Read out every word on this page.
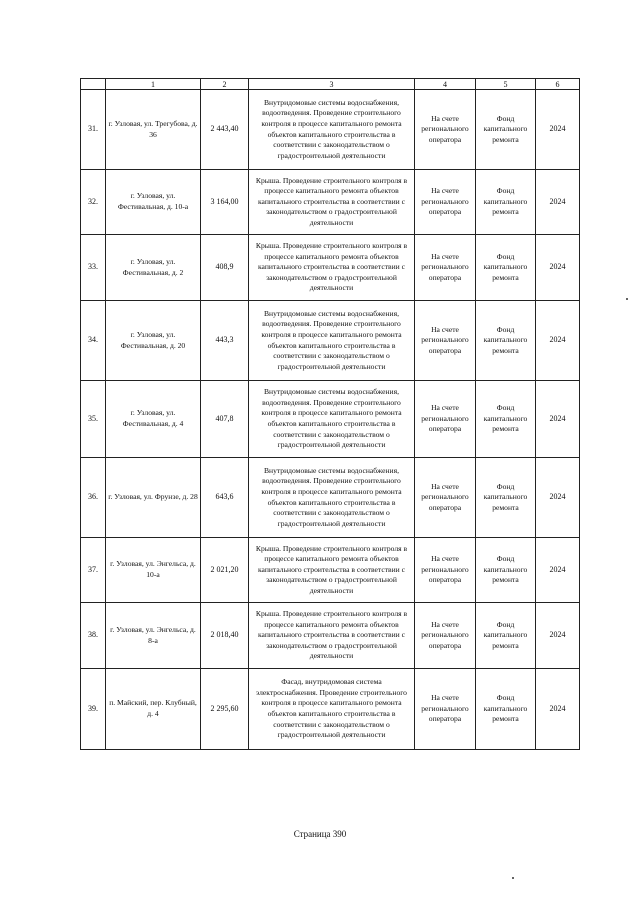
	1	2	3	4	5	6
31.	г. Узловая, ул. Трегубова, д. 36	2 443,40	Внутридомовые системы водоснабжения, водоотведения. Проведение строительного контроля в процессе капитального ремонта объектов капитального строительства в соответствии с законодательством о градостроительной деятельности	На счете регионального оператора	Фонд капитального ремонта	2024
32.	г. Узловая, ул. Фестивальная, д. 10-а	3 164,00	Крыша. Проведение строительного контроля в процессе капитального ремонта объектов капитального строительства в соответствии с законодательством о градостроительной деятельности	На счете регионального оператора	Фонд капитального ремонта	2024
33.	г. Узловая, ул. Фестивальная, д. 2	408,9	Крыша. Проведение строительного контроля в процессе капитального ремонта объектов капитального строительства в соответствии с законодательством о градостроительной деятельности	На счете регионального оператора	Фонд капитального ремонта	2024
34.	г. Узловая, ул. Фестивальная, д. 20	443,3	Внутридомовые системы водоснабжения, водоотведения. Проведение строительного контроля в процессе капитального ремонта объектов капитального строительства в соответствии с законодательством о градостроительной деятельности	На счете регионального оператора	Фонд капитального ремонта	2024
35.	г. Узловая, ул. Фестивальная, д. 4	407,8	Внутридомовые системы водоснабжения, водоотведения. Проведение строительного контроля в процессе капитального ремонта объектов капитального строительства в соответствии с законодательством о градостроительной деятельности	На счете регионального оператора	Фонд капитального ремонта	2024
36.	г. Узловая, ул. Фрунзе, д. 28	643,6	Внутридомовые системы водоснабжения, водоотведения. Проведение строительного контроля в процессе капитального ремонта объектов капитального строительства в соответствии с законодательством о градостроительной деятельности	На счете регионального оператора	Фонд капитального ремонта	2024
37.	г. Узловая, ул. Энгельса, д. 10-а	2 021,20	Крыша. Проведение строительного контроля в процессе капитального ремонта объектов капитального строительства в соответствии с законодательством о градостроительной деятельности	На счете регионального оператора	Фонд капитального ремонта	2024
38.	г. Узловая, ул. Энгельса, д. 8-а	2 018,40	Крыша. Проведение строительного контроля в процессе капитального ремонта объектов капитального строительства в соответствии с законодательством о градостроительной деятельности	На счете регионального оператора	Фонд капитального ремонта	2024
39.	п. Майский, пер. Клубный, д. 4	2 295,60	Фасад, внутридомовая система электроснабжения. Проведение строительного контроля в процессе капитального ремонта объектов капитального строительства в соответствии с законодательством о градостроительной деятельности	На счете регионального оператора	Фонд капитального ремонта	2024
Страница 390
